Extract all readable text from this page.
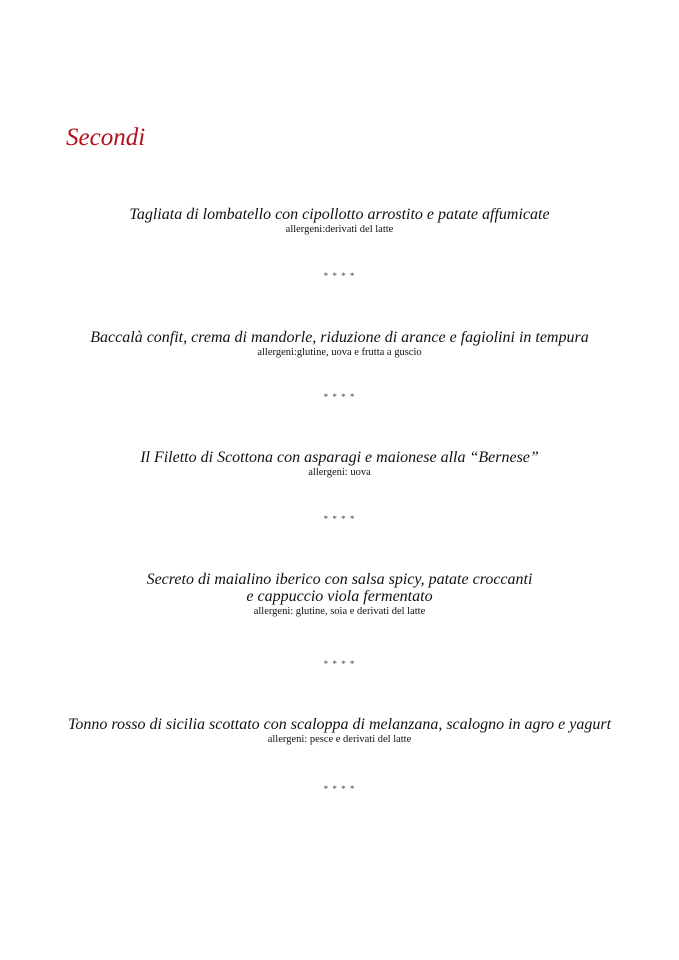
Secondi

Tagliata di lombatello con cipollotto arrostito e patate affumicate

allergeni:derivati del latte

* * * *

Baccalà confit, crema di mandorle, riduzione di arance e fagiolini in tempura

allergeni:glutine, uova e frutta a guscio

* * * *

Il Filetto di Scottona con asparagi e maionese alla “Bernese”

allergeni: uova

* * * *

Secreto di maialino iberico con salsa spicy, patate croccanti

e cappuccio viola fermentato

allergeni: glutine, soia e derivati del latte

* * * *

Tonno rosso di sicilia scottato con scaloppa di melanzana, scalogno in agro e yagurt

allergeni: pesce e derivati del latte

* * * *
